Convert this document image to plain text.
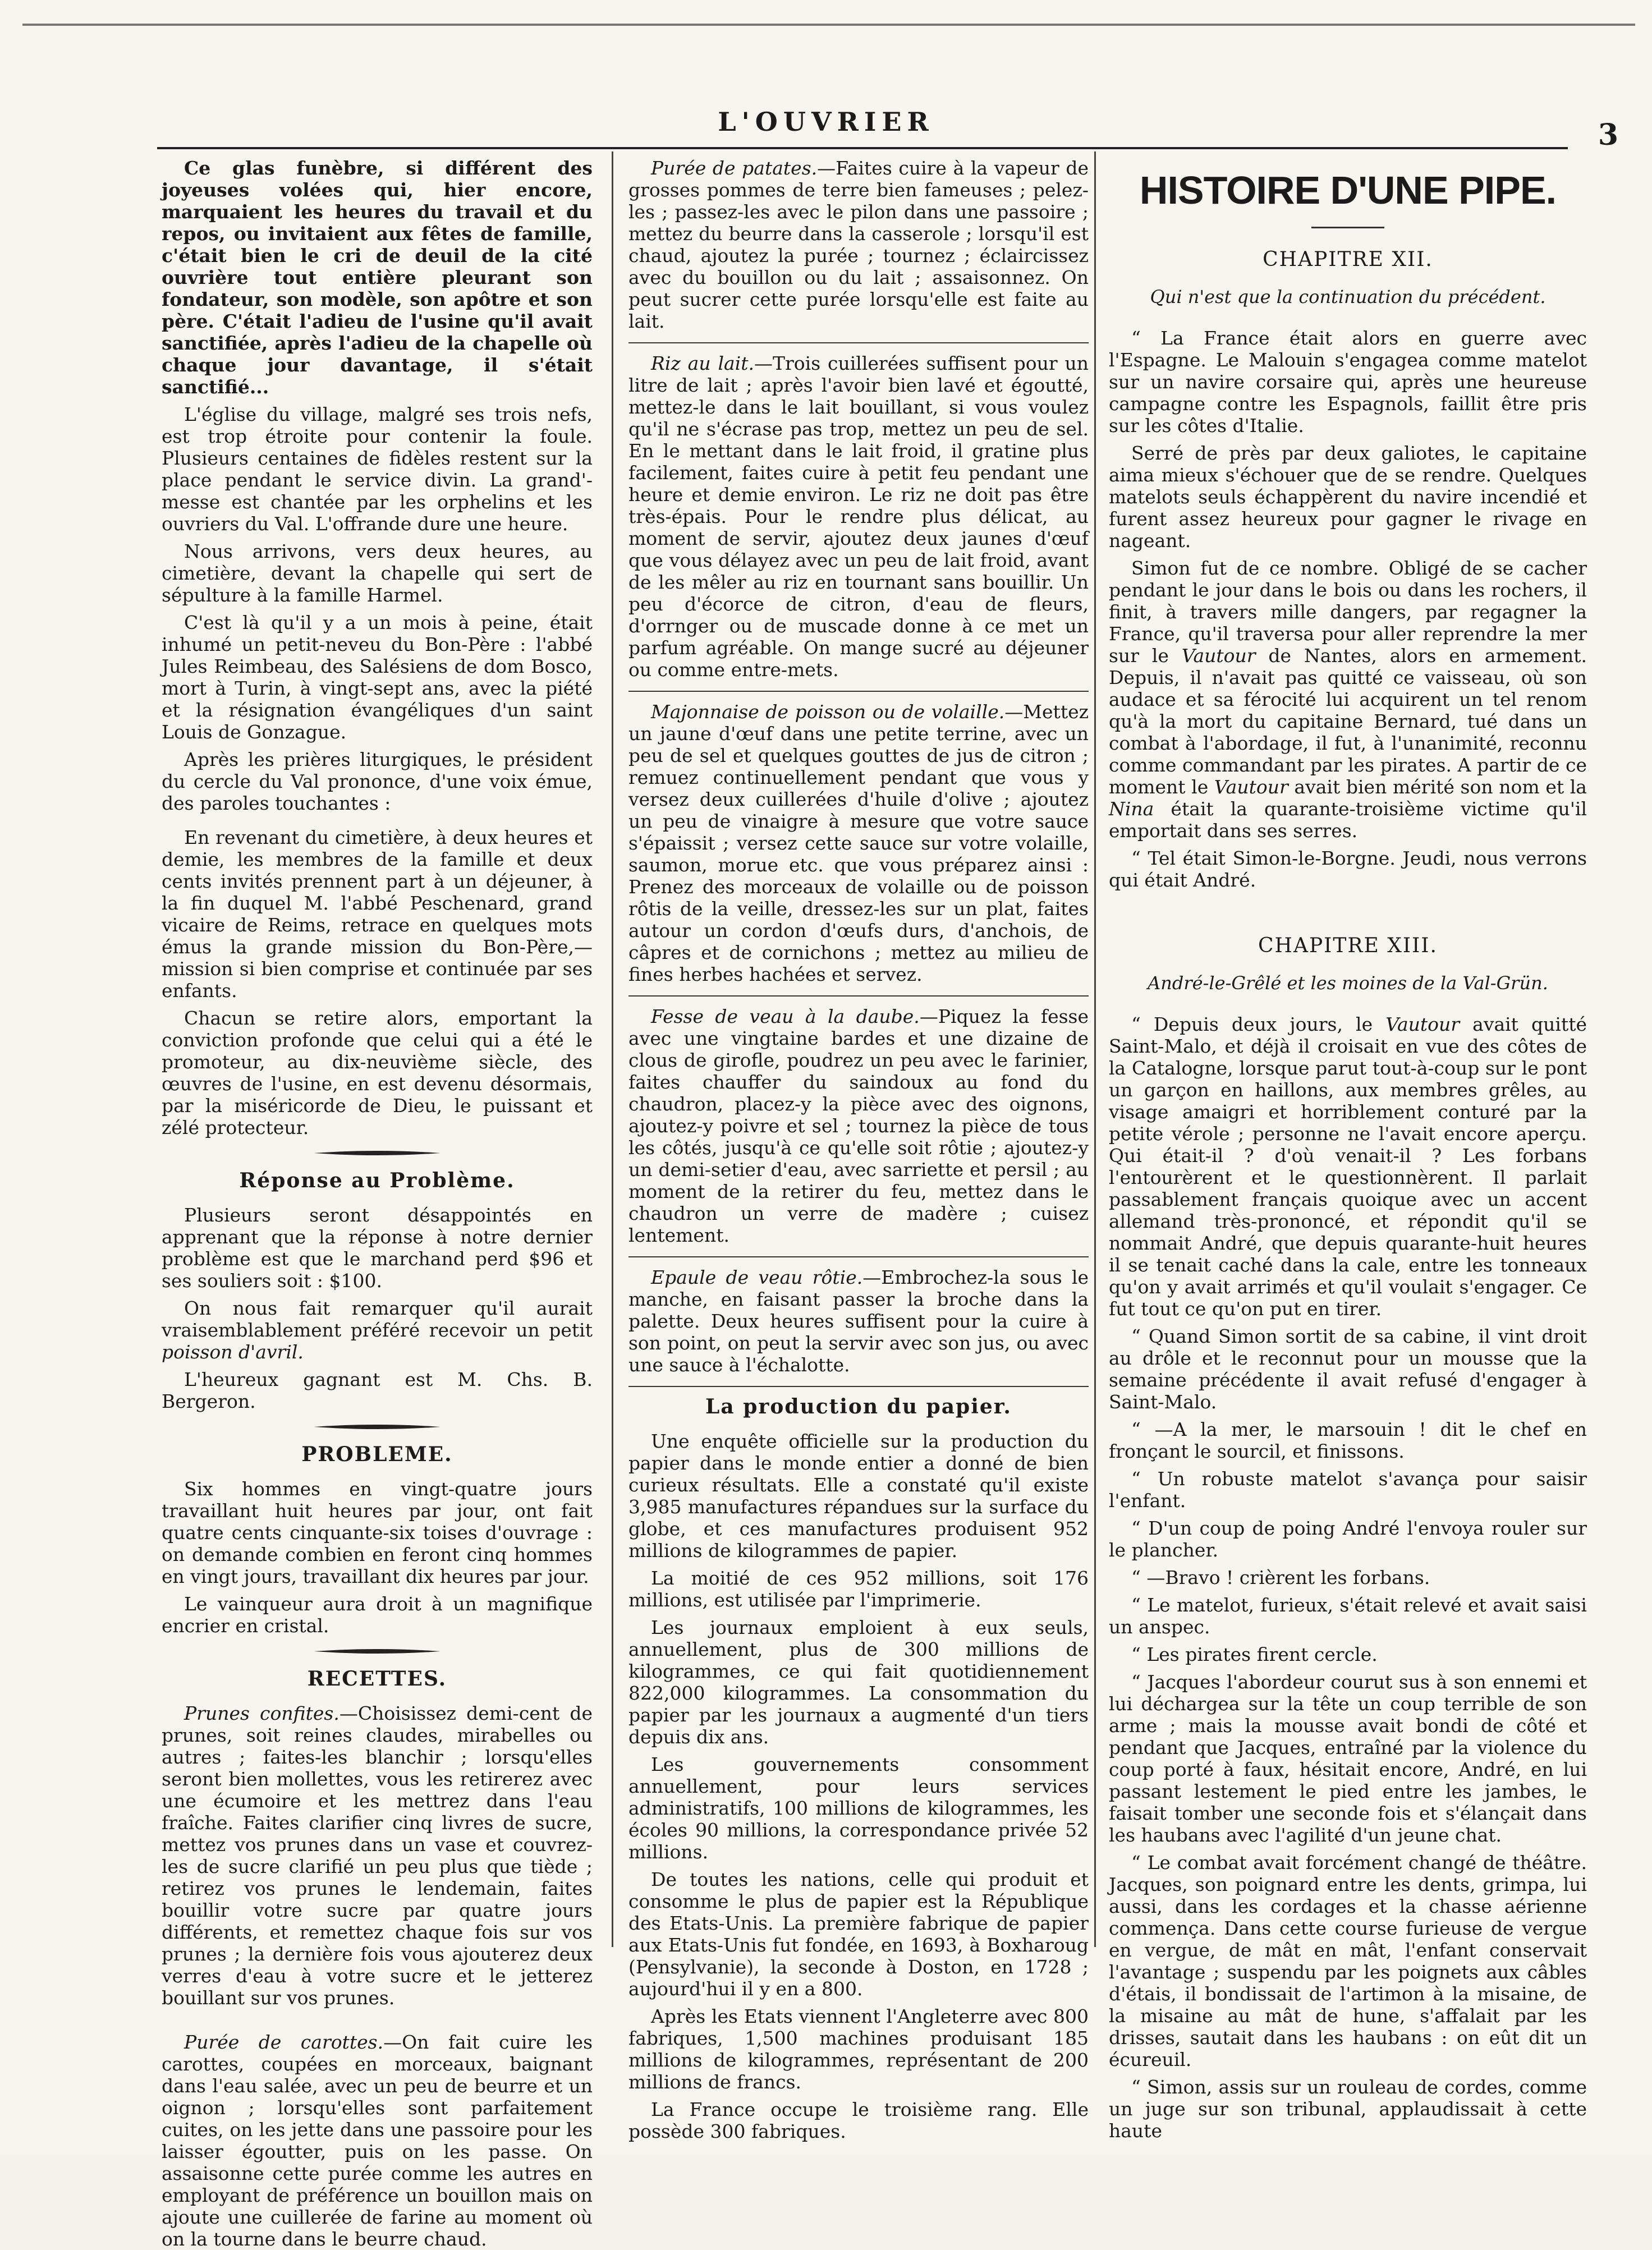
L'OUVRIER	3

Ce glas funèbre, si différent des joyeuses volées qui, hier encore, marquaient les heures du travail et du repos, ou invitaient aux fêtes de famille, c'était bien le cri de deuil de la cité ouvrière tout entière pleurant son fondateur, son modèle, son apôtre et son père. C'était l'adieu de l'usine qu'il avait sanctifiée, après l'adieu de la chapelle où chaque jour davantage, il s'était sanctifié...

L'église du village, malgré ses trois nefs, est trop étroite pour contenir la foule. Plusieurs centaines de fidèles restent sur la place pendant le service divin. La grand'-messe est chantée par les orphelins et les ouvriers du Val. L'offrande dure une heure.

Nous arrivons, vers deux heures, au cimetière, devant la chapelle qui sert de sépulture à la famille Harmel.

C'est là qu'il y a un mois à peine, était inhumé un petit-neveu du Bon-Père : l'abbé Jules Reimbeau, des Salésiens de dom Bosco, mort à Turin, à vingt-sept ans, avec la piété et la résignation évangéliques d'un saint Louis de Gonzague.

Après les prières liturgiques, le président du cercle du Val prononce, d'une voix émue, des paroles touchantes :

En revenant du cimetière, à deux heures et demie, les membres de la famille et deux cents invités prennent part à un déjeuner, à la fin duquel M. l'abbé Peschenard, grand vicaire de Reims, retrace en quelques mots émus la grande mission du Bon-Père,—mission si bien comprise et continuée par ses enfants.

Chacun se retire alors, emportant la conviction profonde que celui qui a été le promoteur, au dix-neuvième siècle, des œuvres de l'usine, en est devenu désormais, par la miséricorde de Dieu, le puissant et zélé protecteur.

Réponse au Problème.

Plusieurs seront désappointés en apprenant que la réponse à notre dernier problème est que le marchand perd $96 et ses souliers soit : $100.

On nous fait remarquer qu'il aurait vraisemblablement préféré recevoir un petit poisson d'avril.

L'heureux gagnant est M. Chs. B. Bergeron.

PROBLEME.

Six hommes en vingt-quatre jours travaillant huit heures par jour, ont fait quatre cents cinquante-six toises d'ouvrage : on demande combien en feront cinq hommes en vingt jours, travaillant dix heures par jour.

Le vainqueur aura droit à un magnifique encrier en cristal.

RECETTES.

Prunes confites.—Choisissez demi-cent de prunes, soit reines claudes, mirabelles ou autres ; faites-les blanchir ; lorsqu'elles seront bien mollettes, vous les retirerez avec une écumoire et les mettrez dans l'eau fraîche. Faites clarifier cinq livres de sucre, mettez vos prunes dans un vase et couvrez-les de sucre clarifié un peu plus que tiède ; retirez vos prunes le lendemain, faites bouillir votre sucre par quatre jours différents, et remettez chaque fois sur vos prunes ; la dernière fois vous ajouterez deux verres d'eau à votre sucre et le jetterez bouillant sur vos prunes.

Purée de carottes.—On fait cuire les carottes, coupées en morceaux, baignant dans l'eau salée, avec un peu de beurre et un oignon ; lorsqu'elles sont parfaitement cuites, on les jette dans une passoire pour les laisser égoutter, puis on les passe. On assaisonne cette purée comme les autres en employant de préférence un bouillon mais on ajoute une cuillerée de farine au moment où on la tourne dans le beurre chaud.

Purée de patates.—Faites cuire à la vapeur de grosses pommes de terre bien fameuses ; pelez-les ; passez-les avec le pilon dans une passoire ; mettez du beurre dans la casserole ; lorsqu'il est chaud, ajoutez la purée ; tournez ; éclaircissez avec du bouillon ou du lait ; assaisonnez. On peut sucrer cette purée lorsqu'elle est faite au lait.

Riz au lait.—Trois cuillerées suffisent pour un litre de lait ; après l'avoir bien lavé et égoutté, mettez-le dans le lait bouillant, si vous voulez qu'il ne s'écrase pas trop, mettez un peu de sel. En le mettant dans le lait froid, il gratine plus facilement, faites cuire à petit feu pendant une heure et demie environ. Le riz ne doit pas être très-épais. Pour le rendre plus délicat, au moment de servir, ajoutez deux jaunes d'œuf que vous délayez avec un peu de lait froid, avant de les mêler au riz en tournant sans bouillir. Un peu d'écorce de citron, d'eau de fleurs, d'orrnger ou de muscade donne à ce met un parfum agréable. On mange sucré au déjeuner ou comme entre-mets.

Majonnaise de poisson ou de volaille.—Mettez un jaune d'œuf dans une petite terrine, avec un peu de sel et quelques gouttes de jus de citron ; remuez continuellement pendant que vous y versez deux cuillerées d'huile d'olive ; ajoutez un peu de vinaigre à mesure que votre sauce s'épaissit ; versez cette sauce sur votre volaille, saumon, morue etc. que vous préparez ainsi : Prenez des morceaux de volaille ou de poisson rôtis de la veille, dressez-les sur un plat, faites autour un cordon d'œufs durs, d'anchois, de câpres et de cornichons ; mettez au milieu de fines herbes hachées et servez.

Fesse de veau à la daube.—Piquez la fesse avec une vingtaine bardes et une dizaine de clous de girofle, poudrez un peu avec le farinier, faites chauffer du saindoux au fond du chaudron, placez-y la pièce avec des oignons, ajoutez-y poivre et sel ; tournez la pièce de tous les côtés, jusqu'à ce qu'elle soit rôtie ; ajoutez-y un demi-setier d'eau, avec sarriette et persil ; au moment de la retirer du feu, mettez dans le chaudron un verre de madère ; cuisez lentement.

Epaule de veau rôtie.—Embrochez-la sous le manche, en faisant passer la broche dans la palette. Deux heures suffisent pour la cuire à son point, on peut la servir avec son jus, ou avec une sauce à l'échalotte.

La production du papier.

Une enquête officielle sur la production du papier dans le monde entier a donné de bien curieux résultats. Elle a constaté qu'il existe 3,985 manufactures répandues sur la surface du globe, et ces manufactures produisent 952 millions de kilogrammes de papier.

La moitié de ces 952 millions, soit 176 millions, est utilisée par l'imprimerie.

Les journaux emploient à eux seuls, annuellement, plus de 300 millions de kilogrammes, ce qui fait quotidiennement 822,000 kilogrammes. La consommation du papier par les journaux a augmenté d'un tiers depuis dix ans.

Les gouvernements consomment annuellement, pour leurs services administratifs, 100 millions de kilogrammes, les écoles 90 millions, la correspondance privée 52 millions.

De toutes les nations, celle qui produit et consomme le plus de papier est la République des Etats-Unis. La première fabrique de papier aux Etats-Unis fut fondée, en 1693, à Boxharoug (Pensylvanie), la seconde à Doston, en 1728 ; aujourd'hui il y en a 800.

Après les Etats viennent l'Angleterre avec 800 fabriques, 1,500 machines produisant 185 millions de kilogrammes, représentant de 200 millions de francs.

La France occupe le troisième rang. Elle possède 300 fabriques.

HISTOIRE D'UNE PIPE.
CHAPITRE XII.
Qui n'est que la continuation du précédent.

“ La France était alors en guerre avec l'Espagne. Le Malouin s'engagea comme matelot sur un navire corsaire qui, après une heureuse campagne contre les Espagnols, faillit être pris sur les côtes d'Italie.

Serré de près par deux galiotes, le capitaine aima mieux s'échouer que de se rendre. Quelques matelots seuls échappèrent du navire incendié et furent assez heureux pour gagner le rivage en nageant.

Simon fut de ce nombre. Obligé de se cacher pendant le jour dans le bois ou dans les rochers, il finit, à travers mille dangers, par regagner la France, qu'il traversa pour aller reprendre la mer sur le Vautour de Nantes, alors en armement. Depuis, il n'avait pas quitté ce vaisseau, où son audace et sa férocité lui acquirent un tel renom qu'à la mort du capitaine Bernard, tué dans un combat à l'abordage, il fut, à l'unanimité, reconnu comme commandant par les pirates. A partir de ce moment le Vautour avait bien mérité son nom et la Nina était la quarante-troisième victime qu'il emportait dans ses serres.

“ Tel était Simon-le-Borgne. Jeudi, nous verrons qui était André.

CHAPITRE XIII.
André-le-Grêlé et les moines de la Val-Grün.

“ Depuis deux jours, le Vautour avait quitté Saint-Malo, et déjà il croisait en vue des côtes de la Catalogne, lorsque parut tout-à-coup sur le pont un garçon en haillons, aux membres grêles, au visage amaigri et horriblement conturé par la petite vérole ; personne ne l'avait encore aperçu. Qui était-il ? d'où venait-il ? Les forbans l'entourèrent et le questionnèrent. Il parlait passablement français quoique avec un accent allemand très-prononcé, et répondit qu'il se nommait André, que depuis quarante-huit heures il se tenait caché dans la cale, entre les tonneaux qu'on y avait arrimés et qu'il voulait s'engager. Ce fut tout ce qu'on put en tirer.

“ Quand Simon sortit de sa cabine, il vint droit au drôle et le reconnut pour un mousse que la semaine précédente il avait refusé d'engager à Saint-Malo.

“ —A la mer, le marsouin ! dit le chef en fronçant le sourcil, et finissons.

“ Un robuste matelot s'avança pour saisir l'enfant.

“ D'un coup de poing André l'envoya rouler sur le plancher.

“ —Bravo ! crièrent les forbans.

“ Le matelot, furieux, s'était relevé et avait saisi un anspec.

“ Les pirates firent cercle.

“ Jacques l'abordeur courut sus à son ennemi et lui déchargea sur la tête un coup terrible de son arme ; mais la mousse avait bondi de côté et pendant que Jacques, entraîné par la violence du coup porté à faux, hésitait encore, André, en lui passant lestement le pied entre les jambes, le faisait tomber une seconde fois et s'élançait dans les haubans avec l'agilité d'un jeune chat.

“ Le combat avait forcément changé de théâtre. Jacques, son poignard entre les dents, grimpa, lui aussi, dans les cordages et la chasse aérienne commença. Dans cette course furieuse de vergue en vergue, de mât en mât, l'enfant conservait l'avantage ; suspendu par les poignets aux câbles d'étais, il bondissait de l'artimon à la misaine, de la misaine au mât de hune, s'affalait par les drisses, sautait dans les haubans : on eût dit un écureuil.

“ Simon, assis sur un rouleau de cordes, comme un juge sur son tribunal, applaudissait à cette haute
